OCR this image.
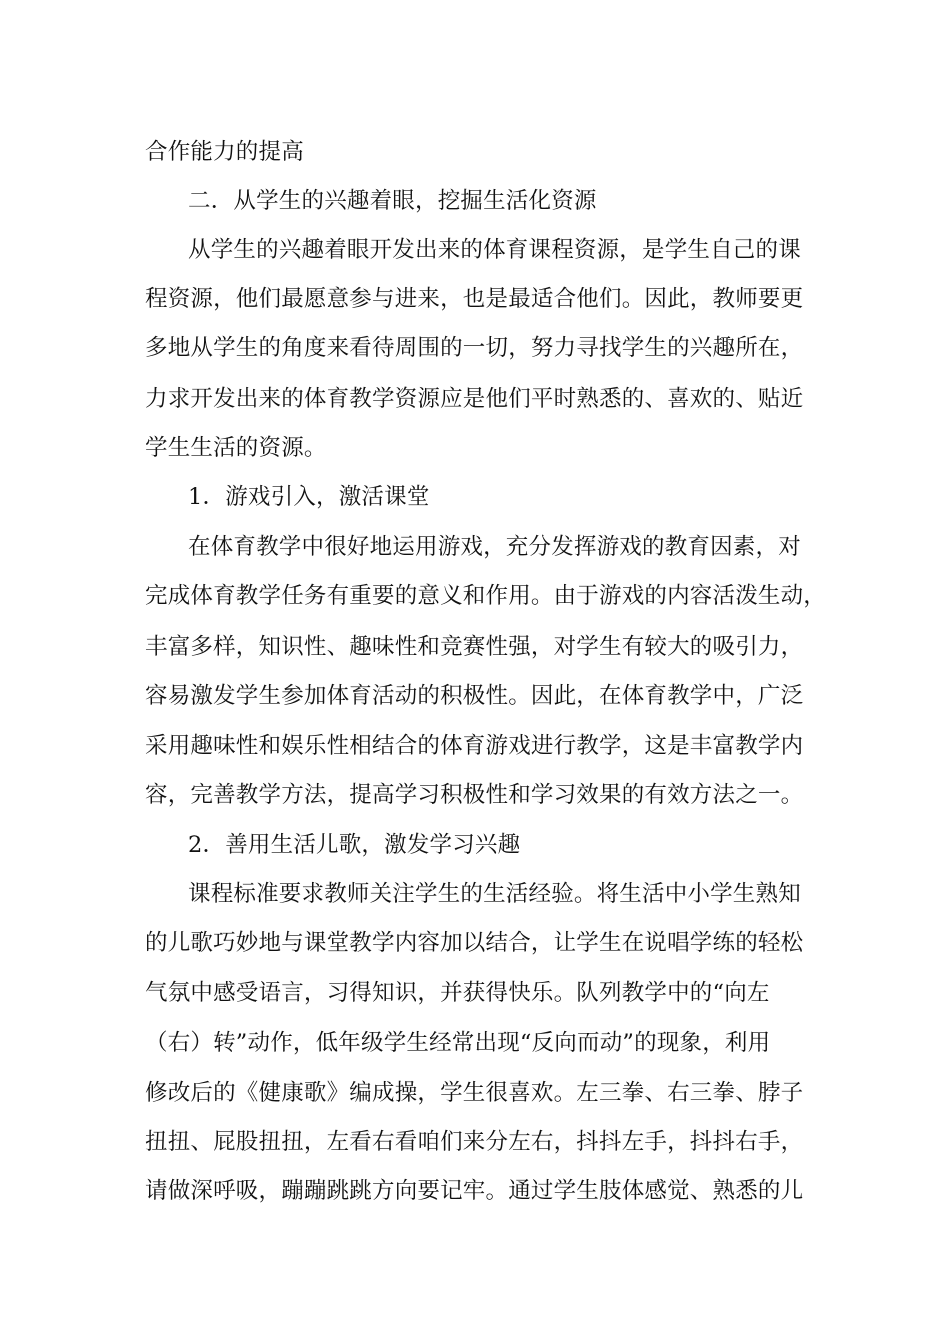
合作能力的提高
二．从学生的兴趣着眼，挖掘生活化资源
从学生的兴趣着眼开发出来的体育课程资源，是学生自己的课
程资源，他们最愿意参与进来，也是最适合他们。因此，教师要更
多地从学生的角度来看待周围的一切，努力寻找学生的兴趣所在，
力求开发出来的体育教学资源应是他们平时熟悉的、喜欢的、贴近
学生生活的资源。
1．游戏引入，激活课堂
在体育教学中很好地运用游戏，充分发挥游戏的教育因素，对
完成体育教学任务有重要的意义和作用。由于游戏的内容活泼生动，
丰富多样，知识性、趣味性和竞赛性强，对学生有较大的吸引力，
容易激发学生参加体育活动的积极性。因此，在体育教学中，广泛
采用趣味性和娱乐性相结合的体育游戏进行教学，这是丰富教学内
容，完善教学方法，提高学习积极性和学习效果的有效方法之一。
2．善用生活儿歌，激发学习兴趣
课程标准要求教师关注学生的生活经验。将生活中小学生熟知
的儿歌巧妙地与课堂教学内容加以结合，让学生在说唱学练的轻松
气氛中感受语言，习得知识，并获得快乐。队列教学中的“向左
（右）转”动作，低年级学生经常出现“反向而动”的现象，利用
修改后的《健康歌》编成操，学生很喜欢。左三拳、右三拳、脖子
扭扭、屁股扭扭，左看右看咱们来分左右，抖抖左手，抖抖右手，
请做深呼吸，蹦蹦跳跳方向要记牢。通过学生肢体感觉、熟悉的儿
